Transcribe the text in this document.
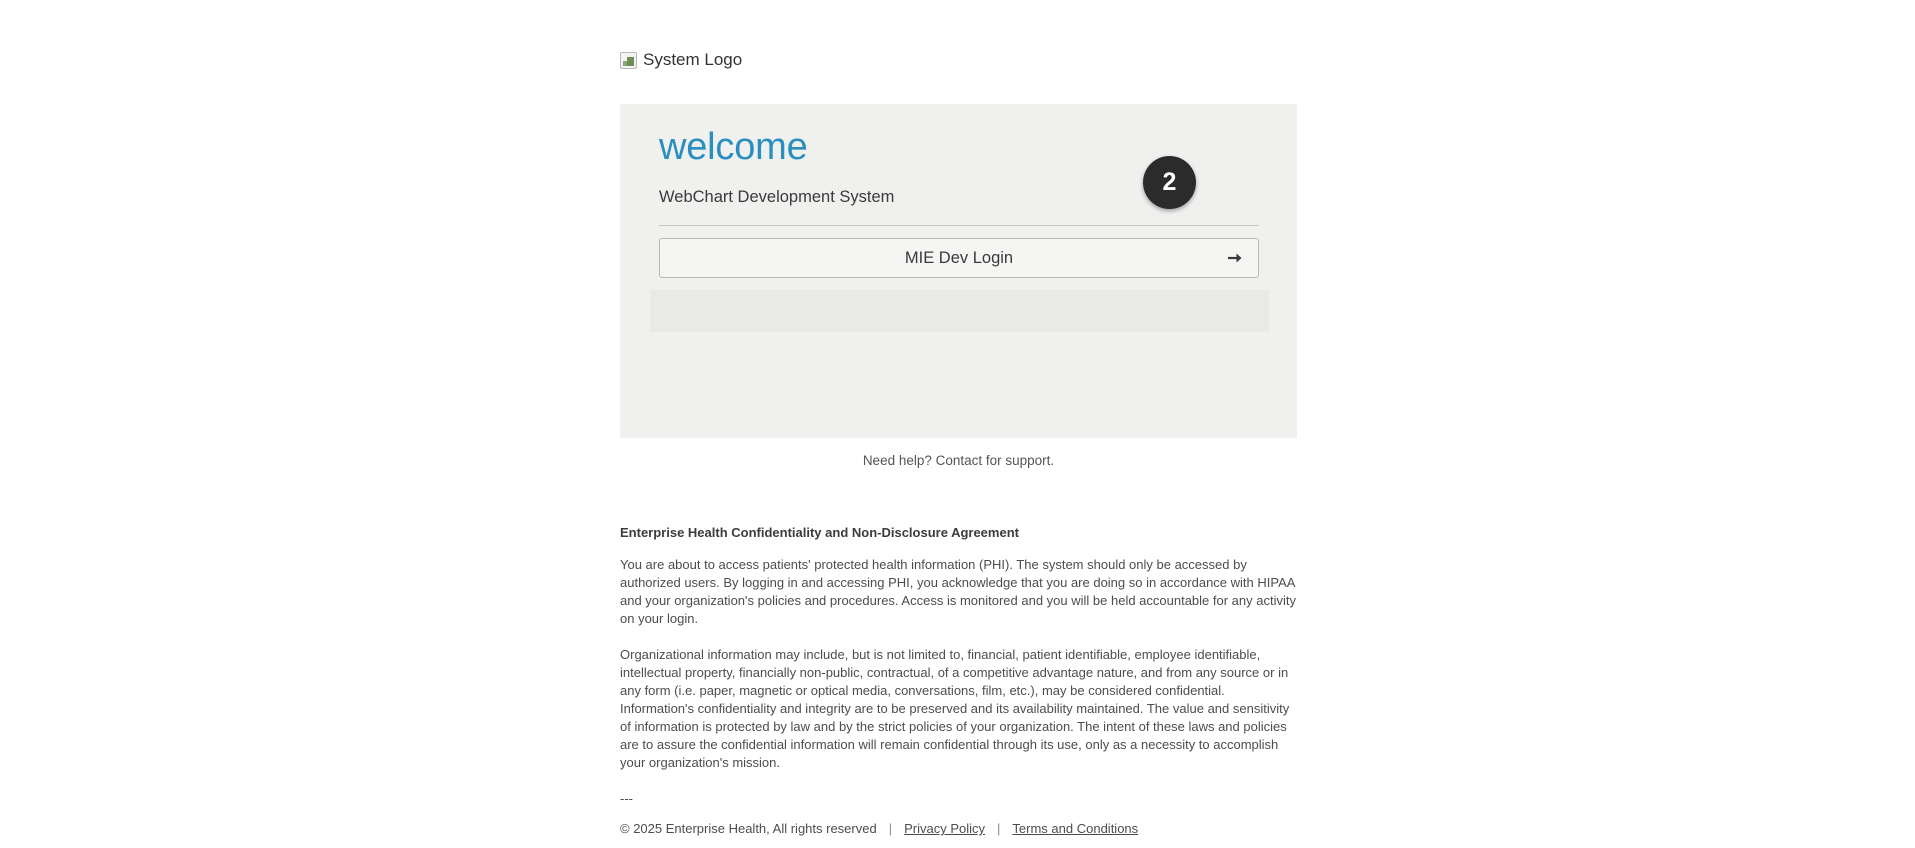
System Logo
welcome
WebChart Development System
MIE Dev Login
2
Need help? Contact for support.
Enterprise Health Confidentiality and Non-Disclosure Agreement

You are about to access patients' protected health information (PHI). The system should only be accessed by authorized users. By logging in and accessing PHI, you acknowledge that you are doing so in accordance with HIPAA and your organization's policies and procedures. Access is monitored and you will be held accountable for any activity on your login.

Organizational information may include, but is not limited to, financial, patient identifiable, employee identifiable, intellectual property, financially non-public, contractual, of a competitive advantage nature, and from any source or in any form (i.e. paper, magnetic or optical media, conversations, film, etc.), may be considered confidential. Information's confidentiality and integrity are to be preserved and its availability maintained. The value and sensitivity of information is protected by law and by the strict policies of your organization. The intent of these laws and policies are to assure the confidential information will remain confidential through its use, only as a necessity to accomplish your organization's mission.

---
© 2025 Enterprise Health, All rights reserved | Privacy Policy | Terms and Conditions
